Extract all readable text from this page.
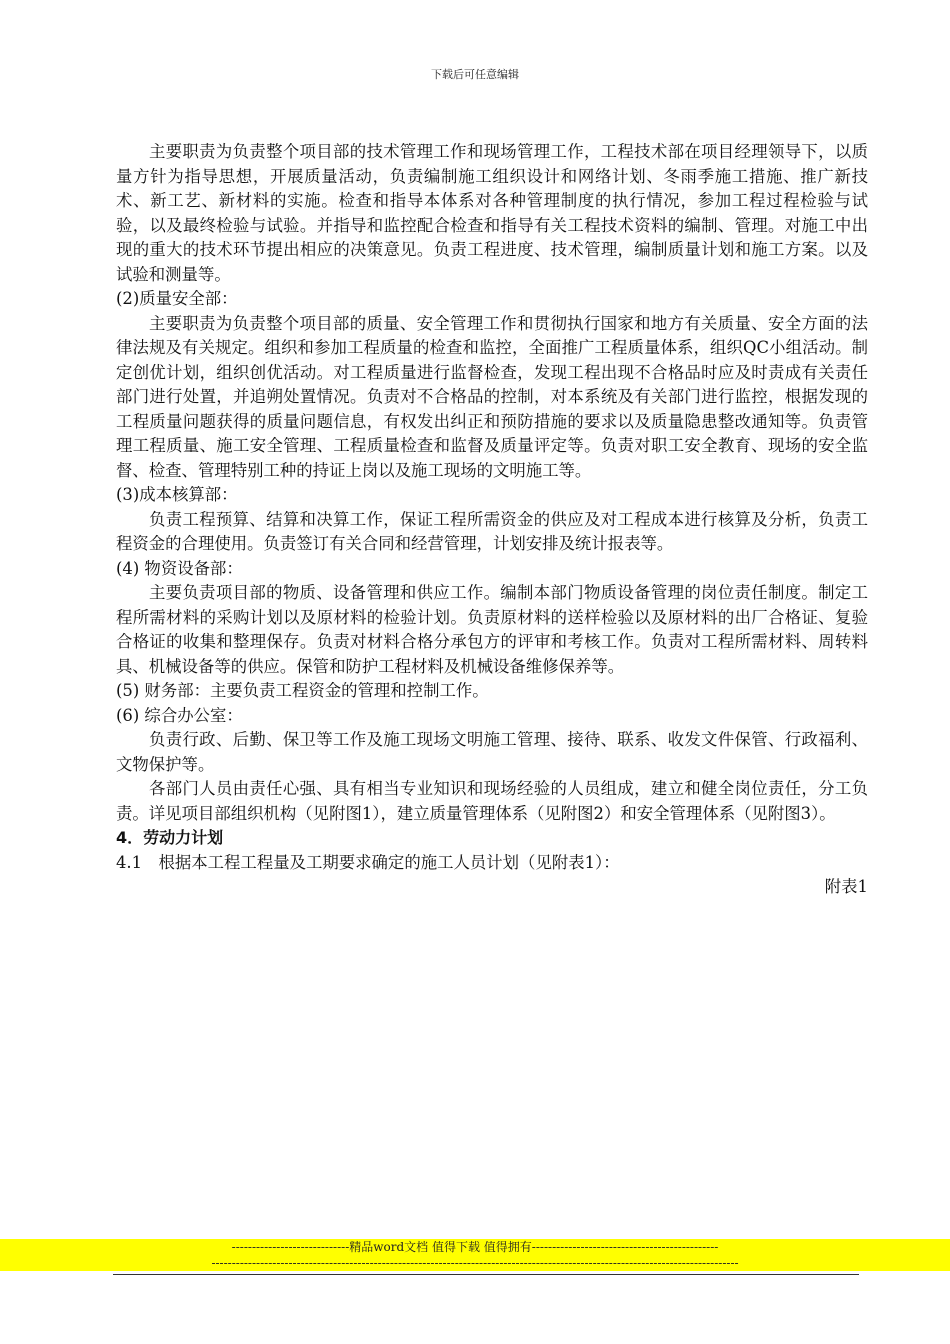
下载后可任意编辑

主要职责为负责整个项目部的技术管理工作和现场管理工作，工程技术部在项目经理领导下，以质量方针为指导思想，开展质量活动，负责编制施工组织设计和网络计划、冬雨季施工措施、推广新技术、新工艺、新材料的实施。检查和指导本体系对各种管理制度的执行情况，参加工程过程检验与试验，以及最终检验与试验。并指导和监控配合检查和指导有关工程技术资料的编制、管理。对施工中出现的重大的技术环节提出相应的决策意见。负责工程进度、技术管理，编制质量计划和施工方案。以及试验和测量等。

(2)质量安全部：

主要职责为负责整个项目部的质量、安全管理工作和贯彻执行国家和地方有关质量、安全方面的法律法规及有关规定。组织和参加工程质量的检查和监控，全面推广工程质量体系，组织QC小组活动。制定创优计划，组织创优活动。对工程质量进行监督检查，发现工程出现不合格品时应及时责成有关责任部门进行处置，并追朔处置情况。负责对不合格品的控制，对本系统及有关部门进行监控，根据发现的工程质量问题获得的质量问题信息，有权发出纠正和预防措施的要求以及质量隐患整改通知等。负责管理工程质量、施工安全管理、工程质量检查和监督及质量评定等。负责对职工安全教育、现场的安全监督、检查、管理特别工种的持证上岗以及施工现场的文明施工等。

(3)成本核算部：

负责工程预算、结算和决算工作，保证工程所需资金的供应及对工程成本进行核算及分析，负责工程资金的合理使用。负责签订有关合同和经营管理，计划安排及统计报表等。

(4) 物资设备部：

主要负责项目部的物质、设备管理和供应工作。编制本部门物质设备管理的岗位责任制度。制定工程所需材料的采购计划以及原材料的检验计划。负责原材料的送样检验以及原材料的出厂合格证、复验合格证的收集和整理保存。负责对材料合格分承包方的评审和考核工作。负责对工程所需材料、周转料具、机械设备等的供应。保管和防护工程材料及机械设备维修保养等。

(5) 财务部：主要负责工程资金的管理和控制工作。

(6) 综合办公室：

负责行政、后勤、保卫等工作及施工现场文明施工管理、接待、联系、收发文件保管、行政福利、文物保护等。

各部门人员由责任心强、具有相当专业知识和现场经验的人员组成，建立和健全岗位责任，分工负责。详见项目部组织机构（见附图1），建立质量管理体系（见附图2）和安全管理体系（见附图3）。

4．劳动力计划

4.1　根据本工程工程量及工期要求确定的施工人员计划（见附表1）：

附表1

-----------------------------精品word文档 值得下载 值得拥有----------------------------------------------
----------------------------------------------------------------------------------------------------------------------------------
